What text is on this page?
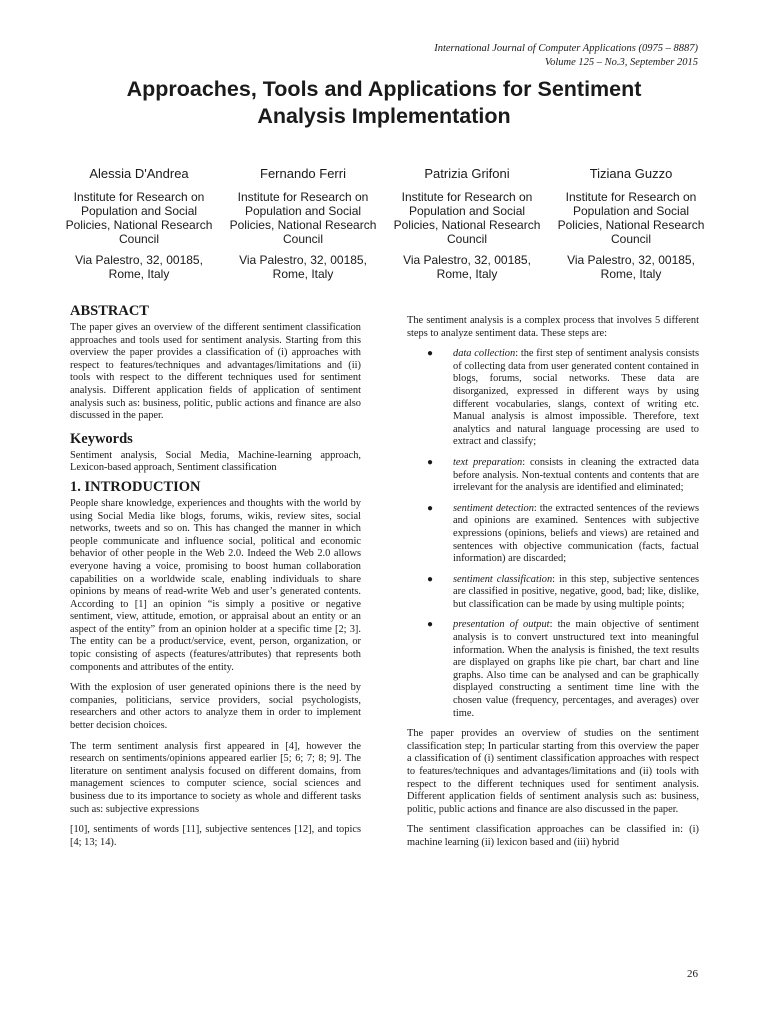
International Journal of Computer Applications (0975 – 8887)
Volume 125 – No.3, September 2015
Approaches, Tools and Applications for Sentiment
Analysis Implementation
Alessia D'Andrea
Institute for Research on Population and Social Policies, National Research Council
Via Palestro, 32, 00185, Rome, Italy
Fernando Ferri
Institute for Research on Population and Social Policies, National Research Council
Via Palestro, 32, 00185, Rome, Italy
Patrizia Grifoni
Institute for Research on Population and Social Policies, National Research Council
Via Palestro, 32, 00185, Rome, Italy
Tiziana Guzzo
Institute for Research on Population and Social Policies, National Research Council
Via Palestro, 32, 00185, Rome, Italy
ABSTRACT

The paper gives an overview of the different sentiment classification approaches and tools used for sentiment analysis. Starting from this overview the paper provides a classification of (i) approaches with respect to features/techniques and advantages/limitations and (ii) tools with respect to the different techniques used for sentiment analysis. Different application fields of application of sentiment analysis such as: business, politic, public actions and finance are also discussed in the paper.

Keywords

Sentiment analysis, Social Media, Machine-learning approach, Lexicon-based approach, Sentiment classification

1. INTRODUCTION

People share knowledge, experiences and thoughts with the world by using Social Media like blogs, forums, wikis, review sites, social networks, tweets and so on. This has changed the manner in which people communicate and influence social, political and economic behavior of other people in the Web 2.0. Indeed the Web 2.0 allows everyone having a voice, promising to boost human collaboration capabilities on a worldwide scale, enabling individuals to share opinions by means of read-write Web and user’s generated contents. According to [1] an opinion “is simply a positive or negative sentiment, view, attitude, emotion, or appraisal about an entity or an aspect of the entity” from an opinion holder at a specific time [2; 3]. The entity can be a product/service, event, person, organization, or topic consisting of aspects (features/attributes) that represents both components and attributes of the entity.

With the explosion of user generated opinions there is the need by companies, politicians, service providers, social psychologists, researchers and other actors to analyze them in order to implement better decision choices.

The term sentiment analysis first appeared in [4], however the research on sentiments/opinions appeared earlier [5; 6; 7; 8; 9]. The literature on sentiment analysis focused on different domains, from management sciences to computer science, social sciences and business due to its importance to society as whole and different tasks such as: subjective expressions

[10], sentiments of words [11], subjective sentences [12], and topics [4; 13; 14).

The sentiment analysis is a complex process that involves 5 different steps to analyze sentiment data. These steps are:

● data collection: the first step of sentiment analysis consists of collecting data from user generated content contained in blogs, forums, social networks. These data are disorganized, expressed in different ways by using different vocabularies, slangs, context of writing etc. Manual analysis is almost impossible. Therefore, text analytics and natural language processing are used to extract and classify;
● text preparation: consists in cleaning the extracted data before analysis. Non-textual contents and contents that are irrelevant for the analysis are identified and eliminated;
● sentiment detection: the extracted sentences of the reviews and opinions are examined. Sentences with subjective expressions (opinions, beliefs and views) are retained and sentences with objective communication (facts, factual information) are discarded;
● sentiment classification: in this step, subjective sentences are classified in positive, negative, good, bad; like, dislike, but classification can be made by using multiple points;
● presentation of output: the main objective of sentiment analysis is to convert unstructured text into meaningful information. When the analysis is finished, the text results are displayed on graphs like pie chart, bar chart and line graphs. Also time can be analysed and can be graphically displayed constructing a sentiment time line with the chosen value (frequency, percentages, and averages) over time.

The paper provides an overview of studies on the sentiment classification step; In particular starting from this overview the paper a classification of (i) sentiment classification approaches with respect to features/techniques and advantages/limitations and (ii) tools with respect to the different techniques used for sentiment analysis. Different application fields of sentiment analysis such as: business, politic, public actions and finance are also discussed in the paper.

The sentiment classification approaches can be classified in: (i) machine learning (ii) lexicon based and (iii) hybrid

26
